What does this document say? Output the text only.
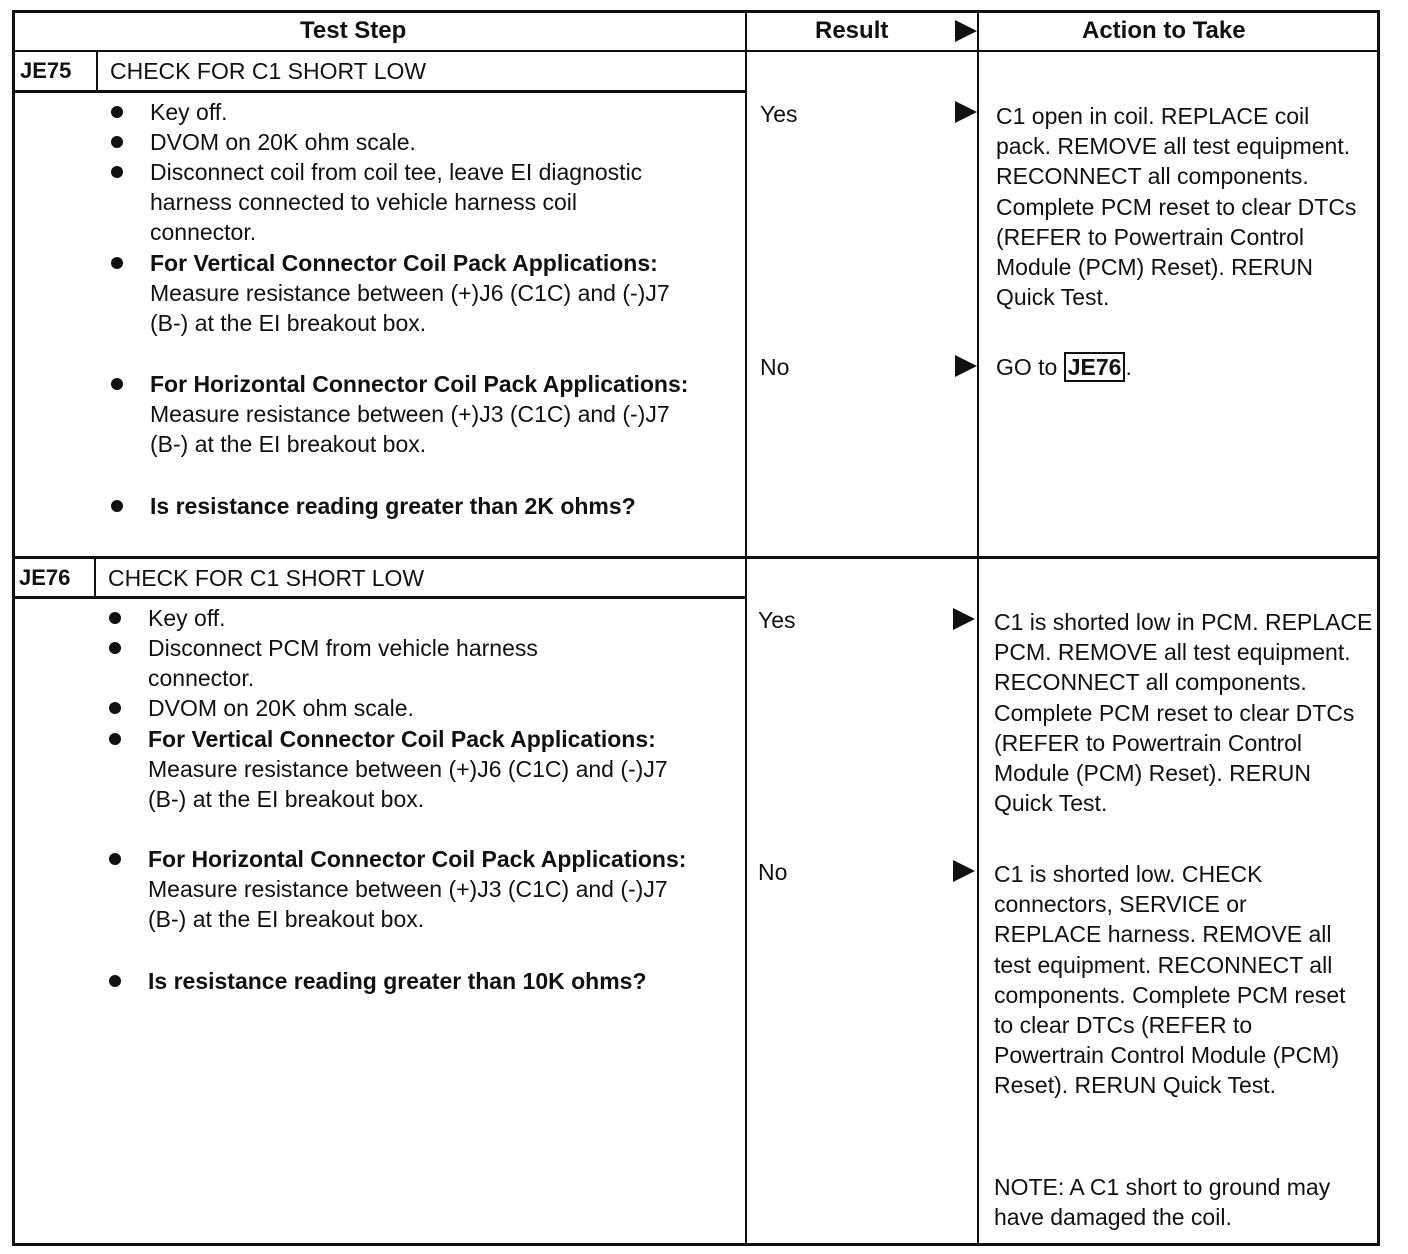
Test Step	Result	Action to Take
JE75 CHECK FOR C1 SHORT LOW
Key off.
DVOM on 20K ohm scale.
Disconnect coil from coil tee, leave EI diagnostic harness connected to vehicle harness coil connector.
For Vertical Connector Coil Pack Applications: Measure resistance between (+)J6 (C1C) and (-)J7 (B-) at the EI breakout box.
For Horizontal Connector Coil Pack Applications: Measure resistance between (+)J3 (C1C) and (-)J7 (B-) at the EI breakout box.
Is resistance reading greater than 2K ohms?
Yes	C1 open in coil. REPLACE coil pack. REMOVE all test equipment. RECONNECT all components. Complete PCM reset to clear DTCs (REFER to Powertrain Control Module (PCM) Reset). RERUN Quick Test.
No	GO to JE76 .
JE76 CHECK FOR C1 SHORT LOW
Key off.
Disconnect PCM from vehicle harness connector.
DVOM on 20K ohm scale.
For Vertical Connector Coil Pack Applications: Measure resistance between (+)J6 (C1C) and (-)J7 (B-) at the EI breakout box.
For Horizontal Connector Coil Pack Applications: Measure resistance between (+)J3 (C1C) and (-)J7 (B-) at the EI breakout box.
Is resistance reading greater than 10K ohms?
Yes	C1 is shorted low in PCM. REPLACE PCM. REMOVE all test equipment. RECONNECT all components. Complete PCM reset to clear DTCs (REFER to Powertrain Control Module (PCM) Reset). RERUN Quick Test.
No	C1 is shorted low. CHECK connectors, SERVICE or REPLACE harness. REMOVE all test equipment. RECONNECT all components. Complete PCM reset to clear DTCs (REFER to Powertrain Control Module (PCM) Reset). RERUN Quick Test.
NOTE: A C1 short to ground may have damaged the coil.
